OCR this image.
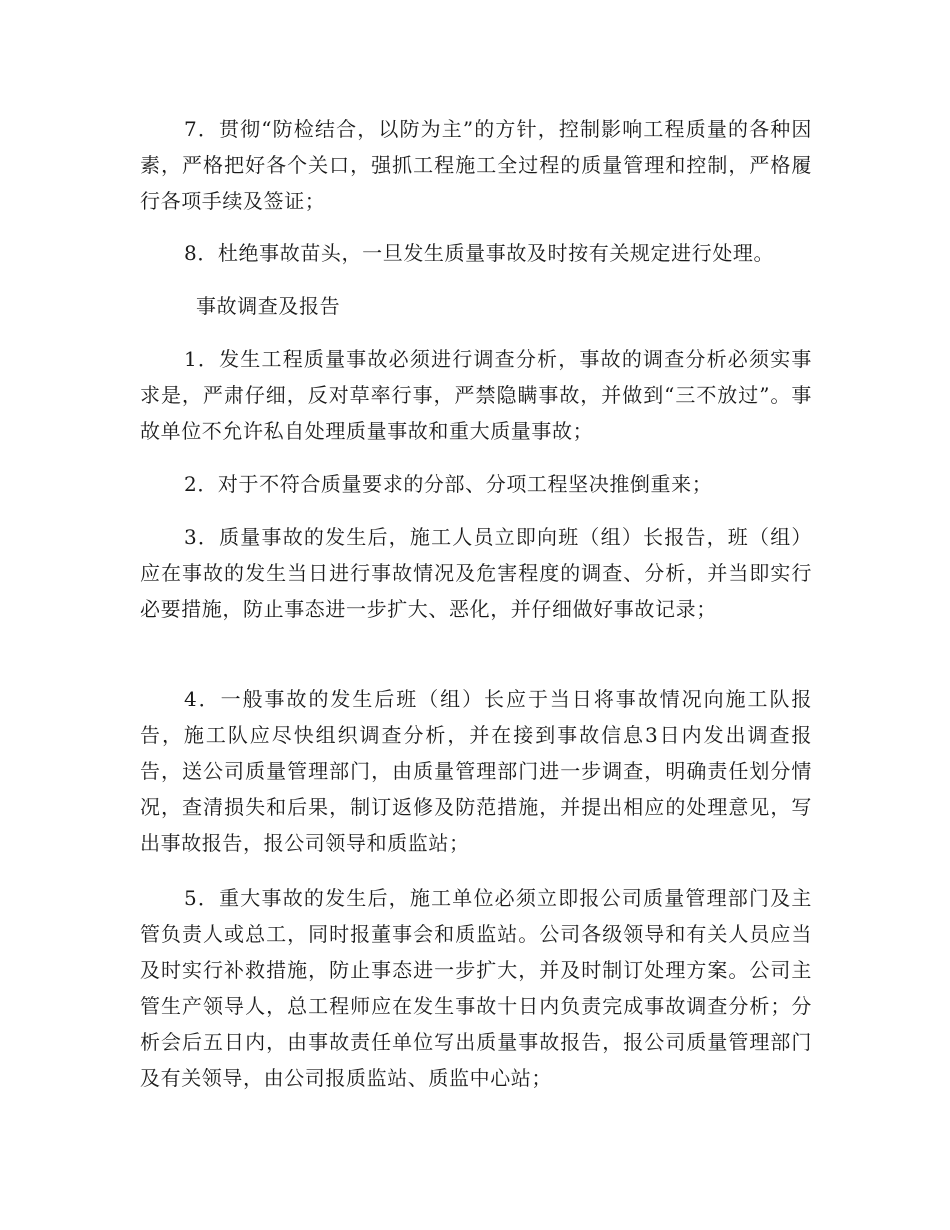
7．贯彻“防检结合，以防为主”的方针，控制影响工程质量的各种因素，严格把好各个关口，强抓工程施工全过程的质量管理和控制，严格履行各项手续及签证；

8．杜绝事故苗头，一旦发生质量事故及时按有关规定进行处理。

事故调查及报告

1．发生工程质量事故必须进行调查分析，事故的调查分析必须实事求是，严肃仔细，反对草率行事，严禁隐瞒事故，并做到“三不放过”。事故单位不允许私自处理质量事故和重大质量事故；

2．对于不符合质量要求的分部、分项工程坚决推倒重来；

3．质量事故的发生后，施工人员立即向班（组）长报告，班（组）应在事故的发生当日进行事故情况及危害程度的调查、分析，并当即实行必要措施，防止事态进一步扩大、恶化，并仔细做好事故记录；

4．一般事故的发生后班（组）长应于当日将事故情况向施工队报告，施工队应尽快组织调查分析，并在接到事故信息3日内发出调查报告，送公司质量管理部门，由质量管理部门进一步调查，明确责任划分情况，查清损失和后果，制订返修及防范措施，并提出相应的处理意见，写出事故报告，报公司领导和质监站；

5．重大事故的发生后，施工单位必须立即报公司质量管理部门及主管负责人或总工，同时报董事会和质监站。公司各级领导和有关人员应当及时实行补救措施，防止事态进一步扩大，并及时制订处理方案。公司主管生产领导人，总工程师应在发生事故十日内负责完成事故调查分析；分析会后五日内，由事故责任单位写出质量事故报告，报公司质量管理部门及有关领导，由公司报质监站、质监中心站；
